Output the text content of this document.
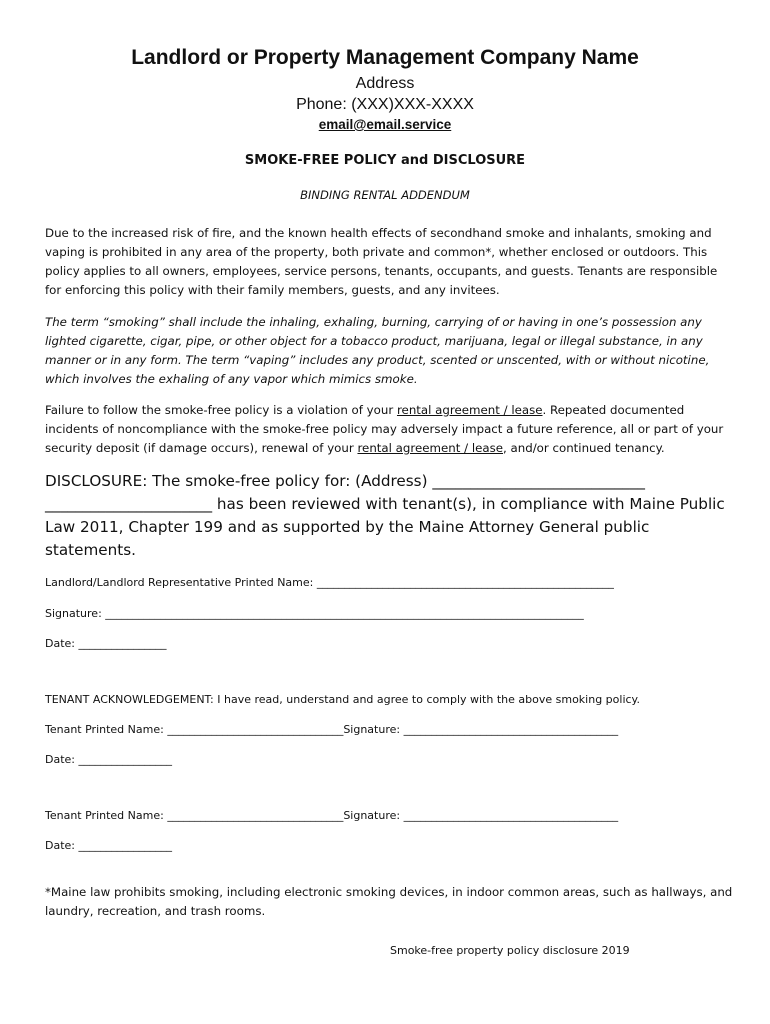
Landlord or Property Management Company Name
Address
Phone: (XXX)XXX-XXXX
email@email.service
SMOKE-FREE POLICY and DISCLOSURE
BINDING RENTAL ADDENDUM

Due to the increased risk of fire, and the known health effects of secondhand smoke and inhalants, smoking and vaping is prohibited in any area of the property, both private and common*, whether enclosed or outdoors. This policy applies to all owners, employees, service persons, tenants, occupants, and guests. Tenants are responsible for enforcing this policy with their family members, guests, and any invitees.

The term “smoking” shall include the inhaling, exhaling, burning, carrying of or having in one’s possession any lighted cigarette, cigar, pipe, or other object for a tobacco product, marijuana, legal or illegal substance, in any manner or in any form. The term “vaping” includes any product, scented or unscented, with or without nicotine, which involves the exhaling of any vapor which mimics smoke.

Failure to follow the smoke-free policy is a violation of your rental agreement / lease. Repeated documented incidents of noncompliance with the smoke-free policy may adversely impact a future reference, all or part of your security deposit (if damage occurs), renewal of your rental agreement / lease, and/or continued tenancy.

DISCLOSURE: The smoke-free policy for: (Address) ____________________________ ______________________ has been reviewed with tenant(s), in compliance with Maine Public Law 2011, Chapter 199 and as supported by the Maine Attorney General public statements.

Landlord/Landlord Representative Printed Name: ______________________________________________________
Signature: _______________________________________________________________________________________
Date: ________________
TENANT ACKNOWLEDGEMENT: I have read, understand and agree to comply with the above smoking policy.
Tenant Printed Name: ________________________________Signature: _______________________________________
Date: _________________
Tenant Printed Name: ________________________________Signature: _______________________________________
Date: _________________

*Maine law prohibits smoking, including electronic smoking devices, in indoor common areas, such as hallways, and laundry, recreation, and trash rooms.

Smoke-free property policy disclosure 2019
